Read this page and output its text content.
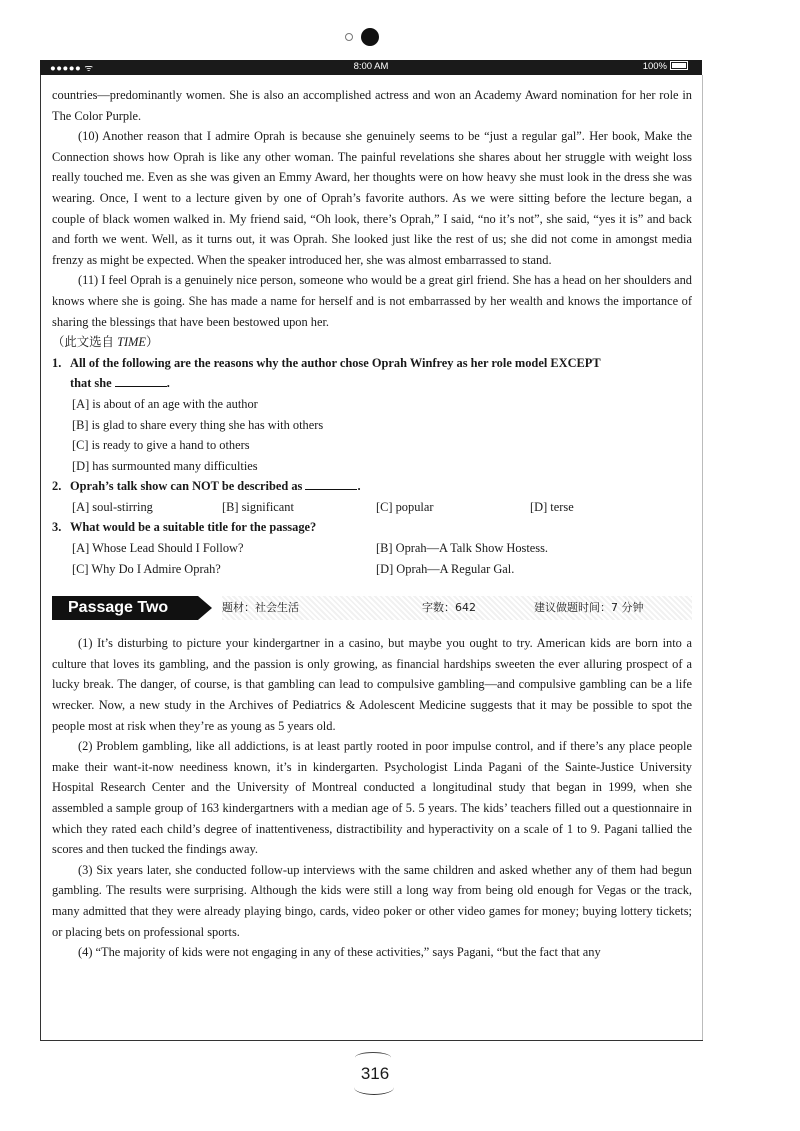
●●●●● ᯤ	8:00 AM	100%

countries—predominantly women. She is also an accomplished actress and won an Academy Award nomination for her role in The Color Purple.

(10) Another reason that I admire Oprah is because she genuinely seems to be “just a regular gal”. Her book, Make the Connection shows how Oprah is like any other woman. The painful revelations she shares about her struggle with weight loss really touched me. Even as she was given an Emmy Award, her thoughts were on how heavy she must look in the dress she was wearing. Once, I went to a lecture given by one of Oprah’s favorite authors. As we were sitting before the lecture began, a couple of black women walked in. My friend said, “Oh look, there’s Oprah,” I said, “no it’s not”, she said, “yes it is” and back and forth we went. Well, as it turns out, it was Oprah. She looked just like the rest of us; she did not come in amongst media frenzy as might be expected. When the speaker introduced her, she was almost embarrassed to stand.

(11) I feel Oprah is a genuinely nice person, someone who would be a great girl friend. She has a head on her shoulders and knows where she is going. She has made a name for herself and is not embarrassed by her wealth and knows the importance of sharing the blessings that have been bestowed upon her.

（此文选自 TIME）

1. All of the following are the reasons why the author chose Oprah Winfrey as her role model EXCEPT

that she	.

[A] is about of an age with the author

[B] is glad to share every thing she has with others

[C] is ready to give a hand to others

[D] has surmounted many difficulties

2. Oprah’s talk show can NOT be described as	.

[A] soul-stirring	[B] significant	[C] popular	[D] terse

3. What would be a suitable title for the passage?

[A] Whose Lead Should I Follow?	[B] Oprah—A Talk Show Hostess.
[C] Why Do I Admire Oprah?	[D] Oprah—A Regular Gal.
Passage Two	题材：社会生活	字数：642	建议做题时间：7 分钟

(1) It’s disturbing to picture your kindergartner in a casino, but maybe you ought to try. American kids are born into a culture that loves its gambling, and the passion is only growing, as financial hardships sweeten the ever alluring prospect of a lucky break. The danger, of course, is that gambling can lead to compulsive gambling—and compulsive gambling can be a life wrecker. Now, a new study in the Archives of Pediatrics & Adolescent Medicine suggests that it may be possible to spot the people most at risk when they’re as young as 5 years old.

(2) Problem gambling, like all addictions, is at least partly rooted in poor impulse control, and if there’s any place people make their want-it-now neediness known, it’s in kindergarten. Psychologist Linda Pagani of the Sainte-Justice University Hospital Research Center and the University of Montreal conducted a longitudinal study that began in 1999, when she assembled a sample group of 163 kindergartners with a median age of 5. 5 years. The kids’ teachers filled out a questionnaire in which they rated each child’s degree of inattentiveness, distractibility and hyperactivity on a scale of 1 to 9. Pagani tallied the scores and then tucked the findings away.

(3) Six years later, she conducted follow-up interviews with the same children and asked whether any of them had begun gambling. The results were surprising. Although the kids were still a long way from being old enough for Vegas or the track, many admitted that they were already playing bingo, cards, video poker or other video games for money; buying lottery tickets; or placing bets on professional sports.

(4) “The majority of kids were not engaging in any of these activities,” says Pagani, “but the fact that any

316
